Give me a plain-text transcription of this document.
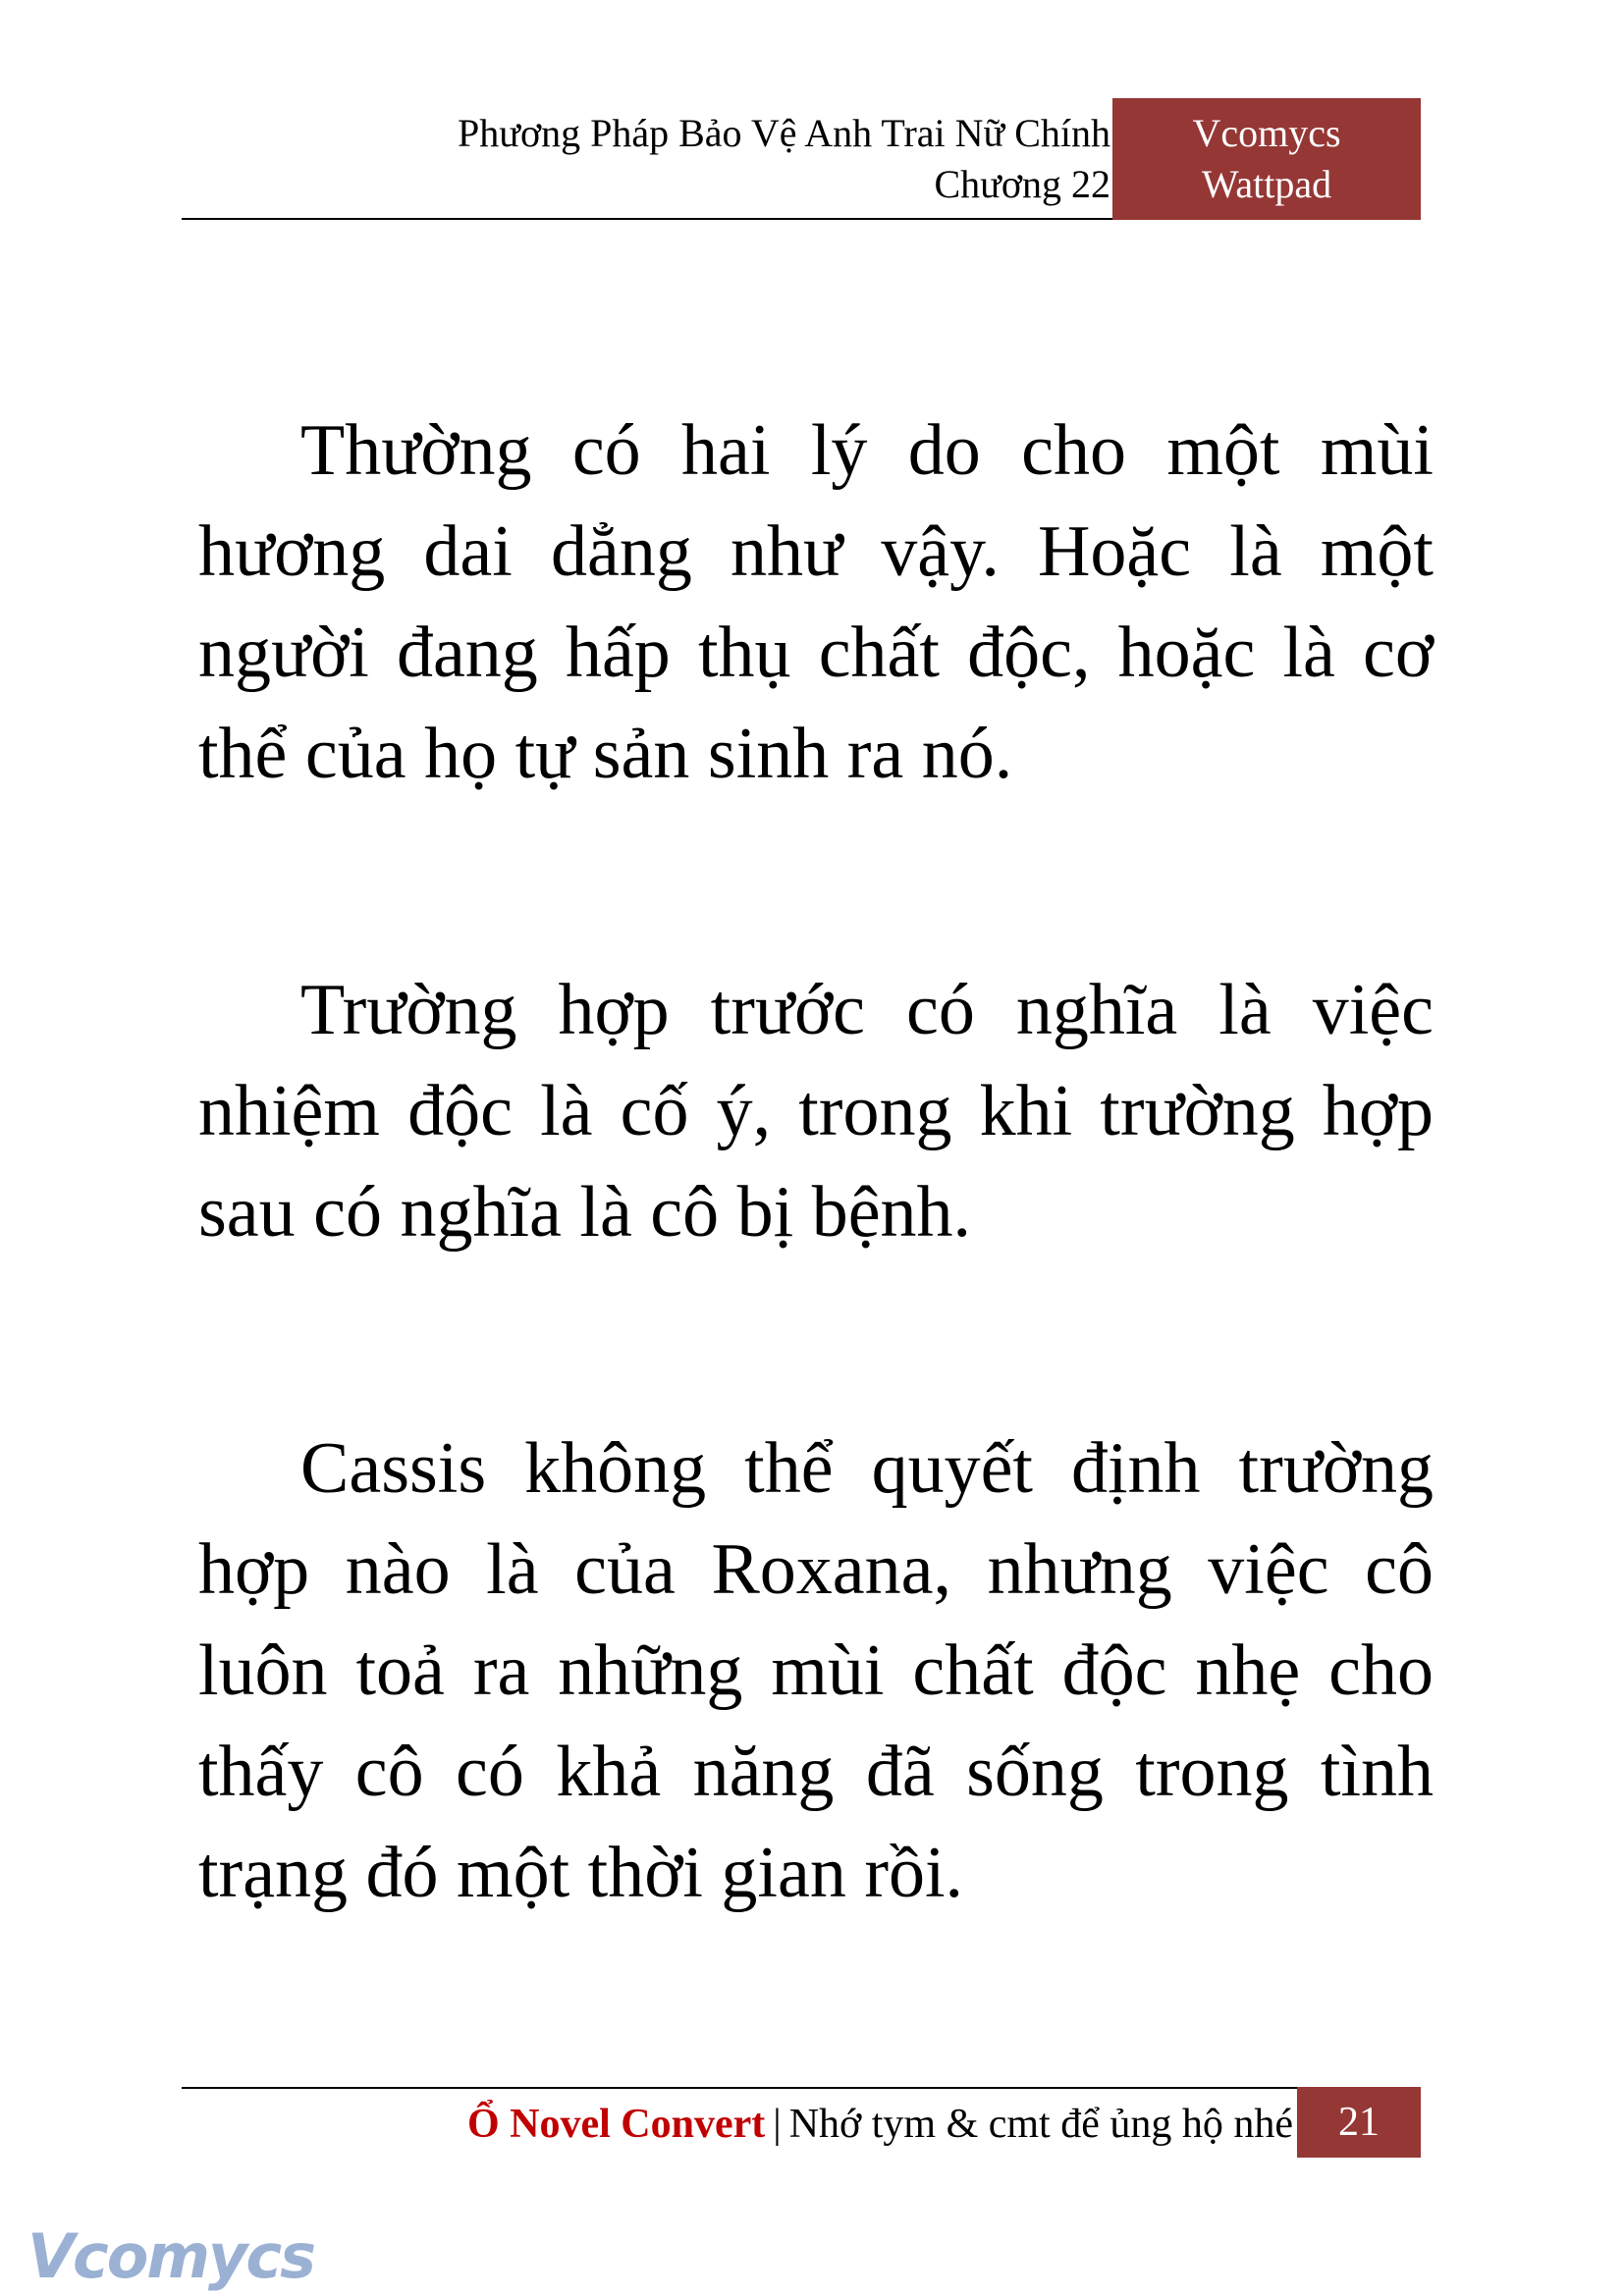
Phương Pháp Bảo Vệ Anh Trai Nữ Chính
Chương 22
Vcomycs
Wattpad

Thường có hai lý do cho một mùi hương dai dẳng như vậy. Hoặc là một người đang hấp thụ chất độc, hoặc là cơ thể của họ tự sản sinh ra nó.

Trường hợp trước có nghĩa là việc nhiệm độc là cố ý, trong khi trường hợp sau có nghĩa là cô bị bệnh.

Cassis không thể quyết định trường hợp nào là của Roxana, nhưng việc cô luôn toả ra những mùi chất độc nhẹ cho thấy cô có khả năng đã sống trong tình trạng đó một thời gian rồi.

Ổ Novel Convert | Nhớ tym & cmt để ủng hộ nhé	21
Vcomycs
